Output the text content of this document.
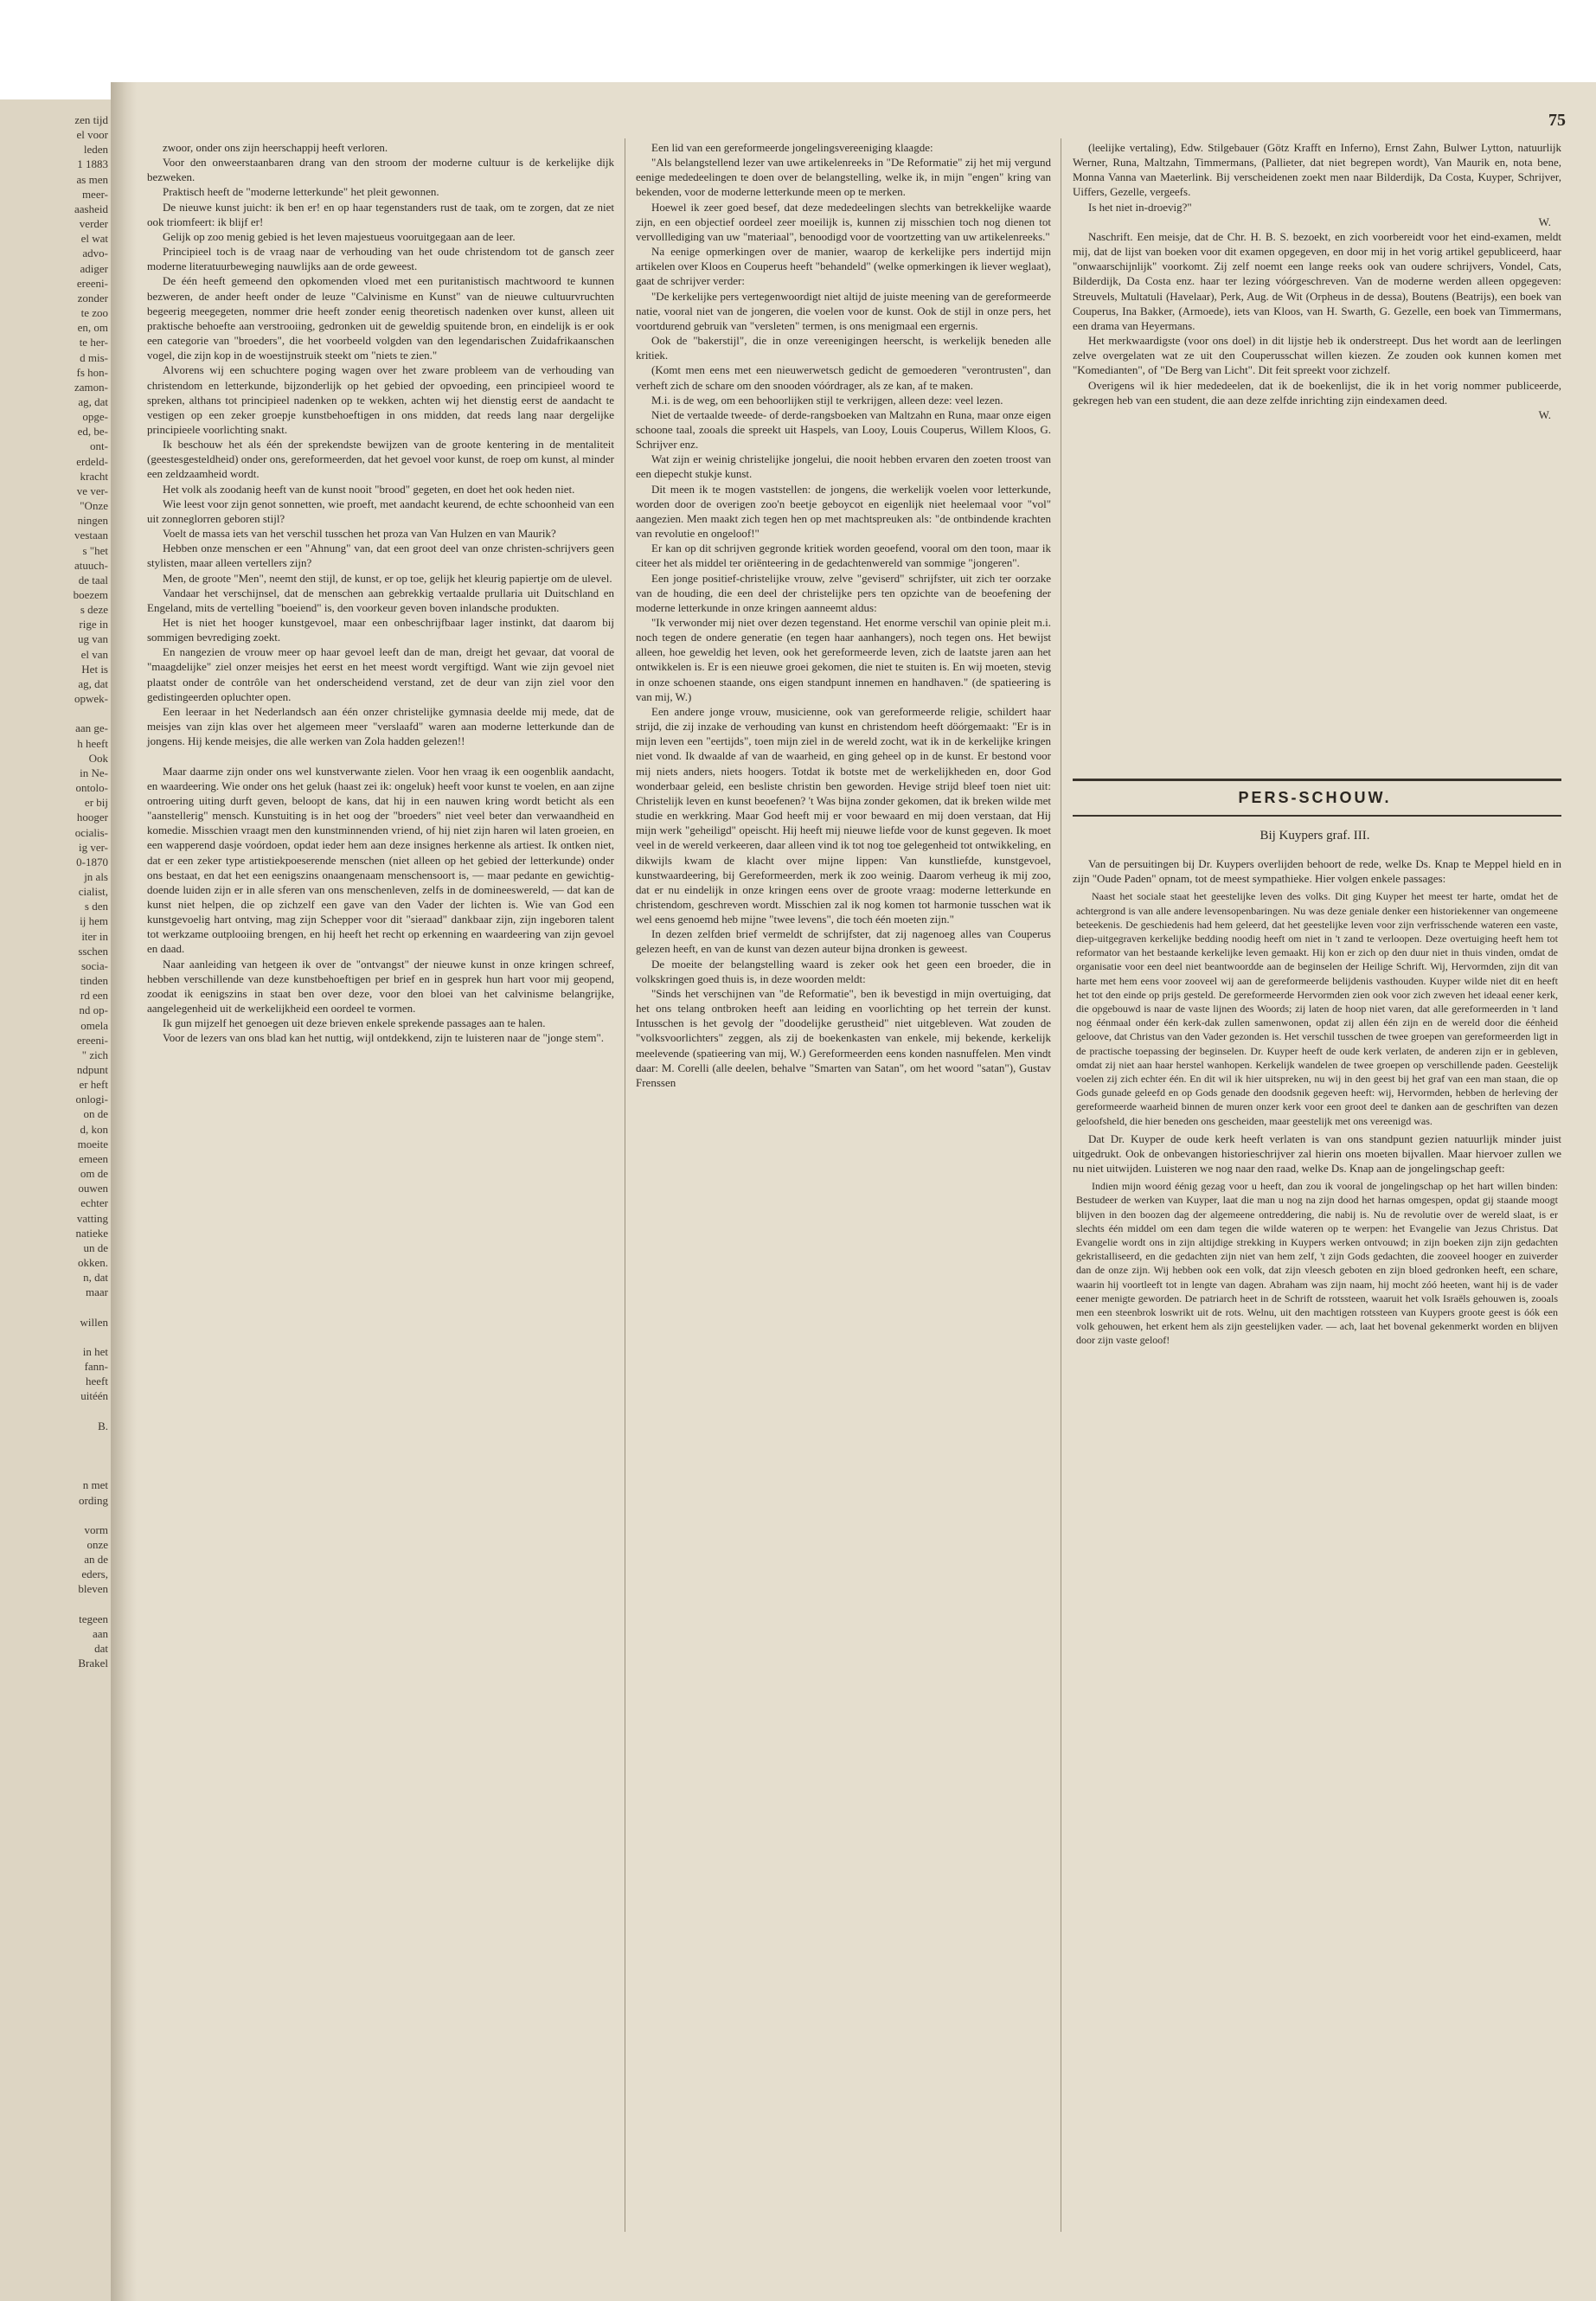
zen tijd
el voor
leden
1 1883
as men
meer-
aasheid
verder
el wat
advo-
adiger
ereeni-
zonder
te zoo
en, om
te her-
d mis-
fs hon-
zamon-
ag, dat
opge-
ed, be-
ont-
erdeld-
kracht
ve ver-
"Onze
ningen
vestaan
s "het
atuuch-
de taal
boezem
s deze
rige in
ug van
el van
Het is
ag, dat
opwek-

aan ge-
h heeft
Ook
in Ne-
ontolo-
er bij
hooger
ocialis-
ig ver-
0-1870
jn als
cialist,
s den
ij hem
iter in
sschen
socia-
tinden
rd een
nd op-
omela
ereeni-
" zich
ndpunt
er heft
onlogi-
on de
d, kon
moeite
emeen
om de
ouwen
echter
vatting
natieke
un de
okken.
n, dat
maar

willen

in het
fann-
heeft
uitéén

B.

n met
ording

vorm
onze
an de
eders,
bleven

tegeen
aan
dat
Brakel
75

zwoor, onder ons zijn heerschappij heeft verloren.

Voor den onweerstaanbaren drang van den stroom der moderne cultuur is de kerkelijke dijk bezweken.

Praktisch heeft de "moderne letterkunde" het pleit gewonnen.

De nieuwe kunst juicht: ik ben er! en op haar tegenstanders rust de taak, om te zorgen, dat ze niet ook triomfeert: ik blijf er!

Gelijk op zoo menig gebied is het leven majestueus vooruitgegaan aan de leer.

Principieel toch is de vraag naar de verhouding van het oude christendom tot de gansch zeer moderne literatuurbeweging nauwlijks aan de orde geweest.

De één heeft gemeend den opkomenden vloed met een puritanistisch machtwoord te kunnen bezweren, de ander heeft onder de leuze "Calvinisme en Kunst" van de nieuwe cultuurvruchten begeerig meegegeten, nommer drie heeft zonder eenig theoretisch nadenken over kunst, alleen uit praktische behoefte aan verstrooiing, gedronken uit de geweldig spuitende bron, en eindelijk is er ook een categorie van "broeders", die het voorbeeld volgden van den legendarischen Zuidafrikaanschen vogel, die zijn kop in de woestijnstruik steekt om "niets te zien."

Alvorens wij een schuchtere poging wagen over het zware probleem van de verhouding van christendom en letterkunde, bijzonderlijk op het gebied der opvoeding, een principieel woord te spreken, althans tot principieel nadenken op te wekken, achten wij het dienstig eerst de aandacht te vestigen op een zeker groepje kunstbehoeftigen in ons midden, dat reeds lang naar dergelijke principieele voorlichting snakt.

Ik beschouw het als één der sprekendste bewijzen van de groote kentering in de mentaliteit (geestesgesteldheid) onder ons, gereformeerden, dat het gevoel voor kunst, de roep om kunst, al minder een zeldzaamheid wordt.

Het volk als zoodanig heeft van de kunst nooit "brood" gegeten, en doet het ook heden niet.

Wie leest voor zijn genot sonnetten, wie proeft, met aandacht keurend, de echte schoonheid van een uit zonneglorren geboren stijl?

Voelt de massa iets van het verschil tusschen het proza van Van Hulzen en van Maurik?

Hebben onze menschen er een "Ahnung" van, dat een groot deel van onze christen-schrijvers geen stylisten, maar alleen vertellers zijn?

Men, de groote "Men", neemt den stijl, de kunst, er op toe, gelijk het kleurig papiertje om de ulevel.

Vandaar het verschijnsel, dat de menschen aan gebrekkig vertaalde prullaria uit Duitschland en Engeland, mits de vertelling "boeiend" is, den voorkeur geven boven inlandsche produkten.

Het is niet het hooger kunstgevoel, maar een onbeschrijfbaar lager instinkt, dat daarom bij sommigen bevrediging zoekt.

En nangezien de vrouw meer op haar gevoel leeft dan de man, dreigt het gevaar, dat vooral de "maagdelijke" ziel onzer meisjes het eerst en het meest wordt vergiftigd. Want wie zijn gevoel niet plaatst onder de contrôle van het onderscheidend verstand, zet de deur van zijn ziel voor den gedistingeerden opluchter open.

Een leeraar in het Nederlandsch aan één onzer christelijke gymnasia deelde mij mede, dat de meisjes van zijn klas over het algemeen meer "verslaafd" waren aan moderne letterkunde dan de jongens. Hij kende meisjes, die alle werken van Zola hadden gelezen!!

Maar daarme zijn onder ons wel kunstverwante zielen. Voor hen vraag ik een oogenblik aandacht, en waardeering. Wie onder ons het geluk (haast zei ik: ongeluk) heeft voor kunst te voelen, en aan zijne ontroering uiting durft geven, beloopt de kans, dat hij in een nauwen kring wordt beticht als een "aanstellerig" mensch. Kunstuiting is in het oog der "broeders" niet veel beter dan verwaandheid en komedie. Misschien vraagt men den kunstminnenden vriend, of hij niet zijn haren wil laten groeien, en een wapperend dasje voórdoen, opdat ieder hem aan deze insignes herkenne als artiest. Ik ontken niet, dat er een zeker type artistiekpoeserende menschen (niet alleen op het gebied der letterkunde) onder ons bestaat, en dat het een eenigszins onaangenaam menschensoort is, — maar pedante en gewichtig-doende luiden zijn er in alle sferen van ons menschenleven, zelfs in de domineeswereld, — dat kan de kunst niet helpen, die op zichzelf een gave van den Vader der lichten is. Wie van God een kunstgevoelig hart ontving, mag zijn Schepper voor dit "sieraad" dankbaar zijn, zijn ingeboren talent tot werkzame outplooiing brengen, en hij heeft het recht op erkenning en waardeering van zijn gevoel en daad.

Naar aanleiding van hetgeen ik over de "ontvangst" der nieuwe kunst in onze kringen schreef, hebben verschillende van deze kunstbehoeftigen per brief en in gesprek hun hart voor mij geopend, zoodat ik eenigszins in staat ben over deze, voor den bloei van het calvinisme belangrijke, aangelegenheid uit de werkelijkheid een oordeel te vormen.

Ik gun mijzelf het genoegen uit deze brieven enkele sprekende passages aan te halen.

Voor de lezers van ons blad kan het nuttig, wijl ontdekkend, zijn te luisteren naar de "jonge stem".

Een lid van een gereformeerde jongelingsvereeniging klaagde:

"Als belangstellend lezer van uwe artikelenreeks in "De Reformatie" zij het mij vergund eenige mededeelingen te doen over de belangstelling, welke ik, in mijn "engen" kring van bekenden, voor de moderne letterkunde meen op te merken.

Hoewel ik zeer goed besef, dat deze mededeelingen slechts van betrekkelijke waarde zijn, en een objectief oordeel zeer moeilijk is, kunnen zij misschien toch nog dienen tot vervolllediging van uw "materiaal", benoodigd voor de voortzetting van uw artikelenreeks."

Na eenige opmerkingen over de manier, waarop de kerkelijke pers indertijd mijn artikelen over Kloos en Couperus heeft "behandeld" (welke opmerkingen ik liever weglaat), gaat de schrijver verder:

"De kerkelijke pers vertegenwoordigt niet altijd de juiste meening van de gereformeerde natie, vooral niet van de jongeren, die voelen voor de kunst. Ook de stijl in onze pers, het voortdurend gebruik van "versleten" termen, is ons menigmaal een ergernis.

Ook de "bakerstijl", die in onze vereenigingen heerscht, is werkelijk beneden alle kritiek.

(Komt men eens met een nieuwerwetsch gedicht de gemoederen "verontrusten", dan verheft zich de schare om den snooden vóórdrager, als ze kan, af te maken.

M.i. is de weg, om een behoorlijken stijl te verkrijgen, alleen deze: veel lezen.

Niet de vertaalde tweede- of derde-rangsboeken van Maltzahn en Runa, maar onze eigen schoone taal, zooals die spreekt uit Haspels, van Looy, Louis Couperus, Willem Kloos, G. Schrijver enz.

Wat zijn er weinig christelijke jongelui, die nooit hebben ervaren den zoeten troost van een diepecht stukje kunst.

Dit meen ik te mogen vaststellen: de jongens, die werkelijk voelen voor letterkunde, worden door de overigen zoo'n beetje geboycot en eigenlijk niet heelemaal voor "vol" aangezien. Men maakt zich tegen hen op met machtspreuken als: "de ontbindende krachten van revolutie en ongeloof!"

Er kan op dit schrijven gegronde kritiek worden geoefend, vooral om den toon, maar ik citeer het als middel ter oriënteering in de gedachtenwereld van sommige "jongeren".

Een jonge positief-christelijke vrouw, zelve "geviserd" schrijfster, uit zich ter oorzake van de houding, die een deel der christelijke pers ten opzichte van de beoefening der moderne letterkunde in onze kringen aanneemt aldus:

"Ik verwonder mij niet over dezen tegenstand. Het enorme verschil van opinie pleit m.i. noch tegen de ondere generatie (en tegen haar aanhangers), noch tegen ons. Het bewijst alleen, hoe geweldig het leven, ook het gereformeerde leven, zich de laatste jaren aan het ontwikkelen is. Er is een nieuwe groei gekomen, die niet te stuiten is. En wij moeten, stevig in onze schoenen staande, ons eigen standpunt innemen en handhaven." (de spatieering is van mij, W.)

Een andere jonge vrouw, musicienne, ook van gereformeerde religie, schildert haar strijd, die zij inzake de verhouding van kunst en christendom heeft döórgemaakt: "Er is in mijn leven een "eertijds", toen mijn ziel in de wereld zocht, wat ik in de kerkelijke kringen niet vond. Ik dwaalde af van de waarheid, en ging geheel op in de kunst. Er bestond voor mij niets anders, niets hoogers. Totdat ik botste met de werkelijkheden en, door God wonderbaar geleid, een besliste christin ben geworden. Hevige strijd bleef toen niet uit: Christelijk leven en kunst beoefenen? 't Was bijna zonder gekomen, dat ik breken wilde met studie en werkkring. Maar God heeft mij er voor bewaard en mij doen verstaan, dat Hij mijn werk "geheiligd" opeischt. Hij heeft mij nieuwe liefde voor de kunst gegeven. Ik moet veel in de wereld verkeeren, daar alleen vind ik tot nog toe gelegenheid tot ontwikkeling, en dikwijls kwam de klacht over mijne lippen: Van kunstliefde, kunstgevoel, kunstwaardeering, bij Gereformeerden, merk ik zoo weinig. Daarom verheug ik mij zoo, dat er nu eindelijk in onze kringen eens over de groote vraag: moderne letterkunde en christendom, geschreven wordt. Misschien zal ik nog komen tot harmonie tusschen wat ik wel eens genoemd heb mijne "twee levens", die toch één moeten zijn."

In dezen zelfden brief vermeldt de schrijfster, dat zij nagenoeg alles van Couperus gelezen heeft, en van de kunst van dezen auteur bijna dronken is geweest.

De moeite der belangstelling waard is zeker ook het geen een broeder, die in volkskringen goed thuis is, in deze woorden meldt:

"Sinds het verschijnen van "de Reformatie", ben ik bevestigd in mijn overtuiging, dat het ons telang ontbroken heeft aan leiding en voorlichting op het terrein der kunst. Intusschen is het gevolg der "doodelijke gerustheid" niet uitgebleven. Wat zouden de "volksvoorlichters" zeggen, als zij de boekenkasten van enkele, mij bekende, kerkelijk meelevende (spatieering van mij, W.) Gereformeerden eens konden nasnuffelen. Men vindt daar: M. Corelli (alle deelen, behalve "Smarten van Satan", om het woord "satan"), Gustav Frenssen

(leelijke vertaling), Edw. Stilgebauer (Götz Krafft en Inferno), Ernst Zahn, Bulwer Lytton, natuurlijk Werner, Runa, Maltzahn, Timmermans, (Pallieter, dat niet begrepen wordt), Van Maurik en, nota bene, Monna Vanna van Maeterlink. Bij verscheidenen zoekt men naar Bilderdijk, Da Costa, Kuyper, Schrijver, Uiffers, Gezelle, vergeefs.

Is het niet in-droevig?"

W.

Naschrift. Een meisje, dat de Chr. H. B. S. bezoekt, en zich voorbereidt voor het eind-examen, meldt mij, dat de lijst van boeken voor dit examen opgegeven, en door mij in het vorig artikel gepubliceerd, haar "onwaarschijnlijk" voorkomt. Zij zelf noemt een lange reeks ook van oudere schrijvers, Vondel, Cats, Bilderdijk, Da Costa enz. haar ter lezing vóórgeschreven. Van de moderne werden alleen opgegeven: Streuvels, Multatuli (Havelaar), Perk, Aug. de Wit (Orpheus in de dessa), Boutens (Beatrijs), een boek van Couperus, Ina Bakker, (Armoede), iets van Kloos, van H. Swarth, G. Gezelle, een boek van Timmermans, een drama van Heyermans.

Het merkwaardigste (voor ons doel) in dit lijstje heb ik onderstreept. Dus het wordt aan de leerlingen zelve overgelaten wat ze uit den Couperusschat willen kiezen. Ze zouden ook kunnen komen met "Komedianten", of "De Berg van Licht". Dit feit spreekt voor zichzelf.

Overigens wil ik hier mededeelen, dat ik de boekenlijst, die ik in het vorig nommer publiceerde, gekregen heb van een student, die aan deze zelfde inrichting zijn eindexamen deed.

W.

PERS-SCHOUW.
Bij Kuypers graf. III.

Van de persuitingen bij Dr. Kuypers overlijden behoort de rede, welke Ds. Knap te Meppel hield en in zijn "Oude Paden" opnam, tot de meest sympathieke. Hier volgen enkele passages:

Naast het sociale staat het geestelijke leven des volks. Dit ging Kuyper het meest ter harte, omdat het de achtergrond is van alle andere levensopenbaringen. Nu was deze geniale denker een historiekenner van ongemeene beteekenis. De geschiedenis had hem geleerd, dat het geestelijke leven voor zijn verfrisschende wateren een vaste, diep-uitgegraven kerkelijke bedding noodig heeft om niet in 't zand te verloopen. Deze overtuiging heeft hem tot reformator van het bestaande kerkelijke leven gemaakt. Hij kon er zich op den duur niet in thuis vinden, omdat de organisatie voor een deel niet beantwoordde aan de beginselen der Heilige Schrift. Wij, Hervormden, zijn dit van harte met hem eens voor zooveel wij aan de gereformeerde belijdenis vasthouden. Kuyper wilde niet dit en heeft het tot den einde op prijs gesteld. De gereformeerde Hervormden zien ook voor zich zweven het ideaal eener kerk, die opgebouwd is naar de vaste lijnen des Woords; zij laten de hoop niet varen, dat alle gereformeerden in 't land nog éénmaal onder één kerk-dak zullen samenwonen, opdat zij allen één zijn en de wereld door die éénheid geloove, dat Christus van den Vader gezonden is. Het verschil tusschen de twee groepen van gereformeerden ligt in de practische toepassing der beginselen. Dr. Kuyper heeft de oude kerk verlaten, de anderen zijn er in gebleven, omdat zij niet aan haar herstel wanhopen. Kerkelijk wandelen de twee groepen op verschillende paden. Geestelijk voelen zij zich echter één. En dit wil ik hier uitspreken, nu wij in den geest bij het graf van een man staan, die op Gods gunade geleefd en op Gods genade den doodsnik gegeven heeft: wij, Hervormden, hebben de herleving der gereformeerde waarheid binnen de muren onzer kerk voor een groot deel te danken aan de geschriften van dezen geloofsheld, die hier beneden ons gescheiden, maar geestelijk met ons vereenigd was.

Dat Dr. Kuyper de oude kerk heeft verlaten is van ons standpunt gezien natuurlijk minder juist uitgedrukt. Ook de onbevangen historieschrijver zal hierin ons moeten bijvallen. Maar hiervoer zullen we nu niet uitwijden. Luisteren we nog naar den raad, welke Ds. Knap aan de jongelingschap geeft:

Indien mijn woord éénig gezag voor u heeft, dan zou ik vooral de jongelingschap op het hart willen binden: Bestudeer de werken van Kuyper, laat die man u nog na zijn dood het harnas omgespen, opdat gij staande moogt blijven in den boozen dag der algemeene ontreddering, die nabij is. Nu de revolutie over de wereld slaat, is er slechts één middel om een dam tegen die wilde wateren op te werpen: het Evangelie van Jezus Christus. Dat Evangelie wordt ons in zijn altijdige strekking in Kuypers werken ontvouwd; in zijn boeken zijn zijn gedachten gekristalliseerd, en die gedachten zijn niet van hem zelf, 't zijn Gods gedachten, die zooveel hooger en zuiverder dan de onze zijn. Wij hebben ook een volk, dat zijn vleesch geboten en zijn bloed gedronken heeft, een schare, waarin hij voortleeft tot in lengte van dagen. Abraham was zijn naam, hij mocht zóó heeten, want hij is de vader eener menigte geworden. De patriarch heet in de Schrift de rotssteen, waaruit het volk Israëls gehouwen is, zooals men een steenbrok loswrikt uit de rots. Welnu, uit den machtigen rotssteen van Kuypers groote geest is óók een volk gehouwen, het erkent hem als zijn geestelijken vader. — ach, laat het bovenal gekenmerkt worden en blijven door zijn vaste geloof!
